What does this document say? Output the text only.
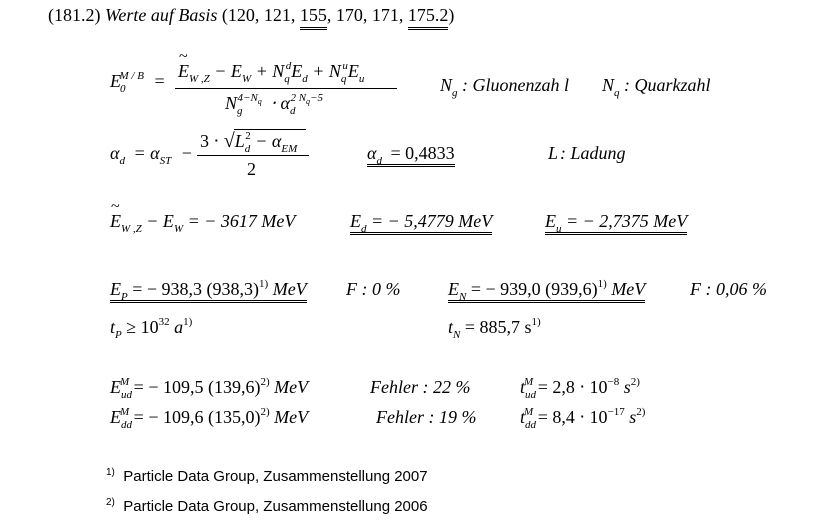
(181.2) Werte auf Basis (120, 121, 155, 170, 171, 175.2)
$E_0^{M / B}$ =
~ $E_{W ,Z} - E_W + N_q^dE_d + N_q^uE_u$
$N_g^{4-Nq} \cdot \alpha_d^{2 Nq-5}$
$N_g$ : Gluonenzah l $N_q$ : Quarkzahl
$\alpha_d = \alpha_{ST}$ −
$3 \cdot √L_d^2 - \alpha_{EM}$
2
$\alpha_d = 0,4833$	L : Ladung
~ $E_{W ,Z} - E_W$ = − 3617 MeV	$E_d$ = − 5,4779 MeV	$E_u$ = − 2,7375 MeV
$E_P$ = − 938,3 $(938,3)^{1)}$ MeV F : 0 %	$E_N$ = − 939,0 $(939,6)^{1)}$ MeV F : 0,06 %
$t_P \ge 10^{32}$ $a^{1)}$	$t_N = 885,7$ $s^{1)}$
$E_{ud}^M$ = − 109,5 $(139,6)^{2)}$ MeV	Fehler : 22 %	$t_{ud}^M = 2,8 \cdot 10^{-8}$ $s^{2)}$
$E_{dd}^M$ = − 109,6 $(135,0)^{2)}$ MeV	Fehler : 19 % $t_{dd}^M = 8,4 \cdot 10^{-17}$ $s^{2)}$
$^{1)}$ Particle Data Group, Zusammenstellung 2007
$^{2)}$ Particle Data Group, Zusammenstellung 2006
